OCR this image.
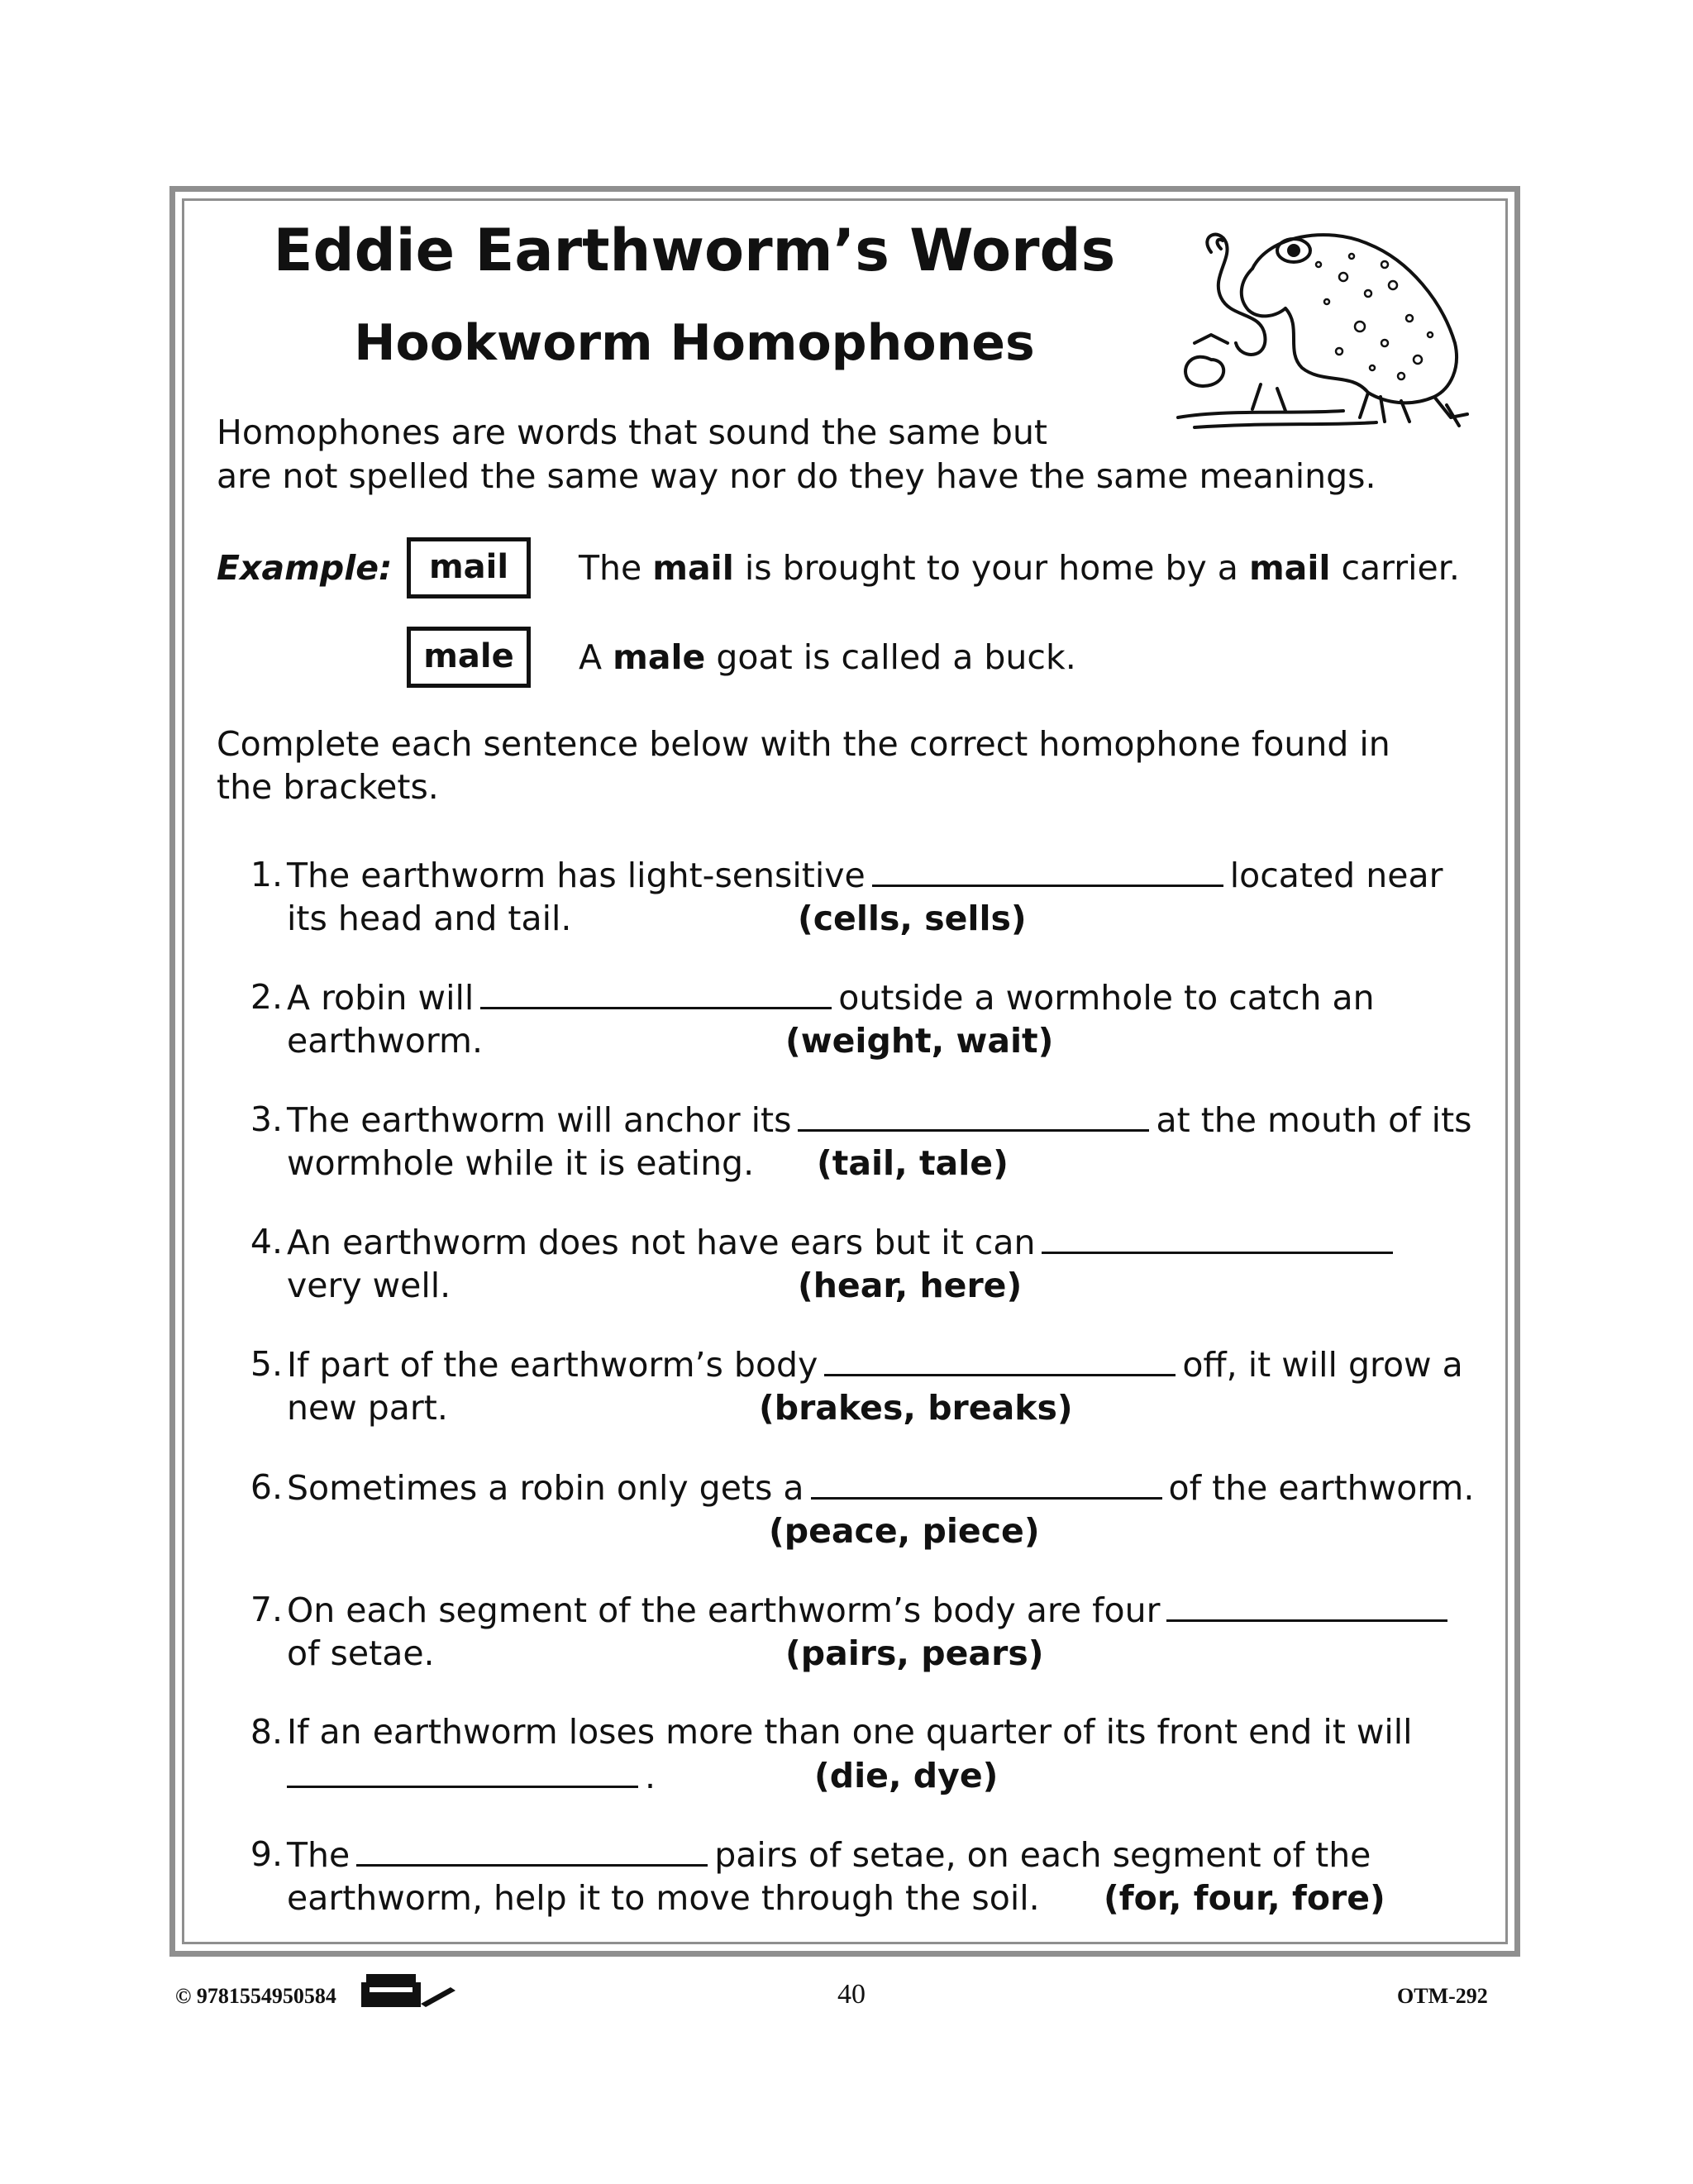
Eddie Earthworm’s Words
Hookworm Homophones

Homophones are words that sound the same but

are not spelled the same way nor do they have the same meanings.

Example:	mail	The mail is brought to your home by a mail carrier.
male	A male goat is called a buck.

Complete each sentence below with the correct homophone found in

the brackets.

1. The earthworm has light-sensitive	located near
its head and tail.	(cells, sells)
2. A robin will	outside a wormhole to catch an
earthworm.	(weight, wait)
3. The earthworm will anchor its	at the mouth of its
wormhole while it is eating. (tail, tale)
4. An earthworm does not have ears but it can
very well.	(hear, here)
5. If part of the earthworm’s body	off, it will grow a
new part.	(brakes, breaks)
6. Sometimes a robin only gets a	of the earthworm.
(peace, piece)
7. On each segment of the earthworm’s body are four
of setae.	(pairs, pears)
8. If an earthworm loses more than one quarter of its front end it will
.	(die, dye)
9. The	pairs of setae, on each segment of the
earthworm, help it to move through the soil. (for, four, fore)
© 9781554950584	40	OTM-292
